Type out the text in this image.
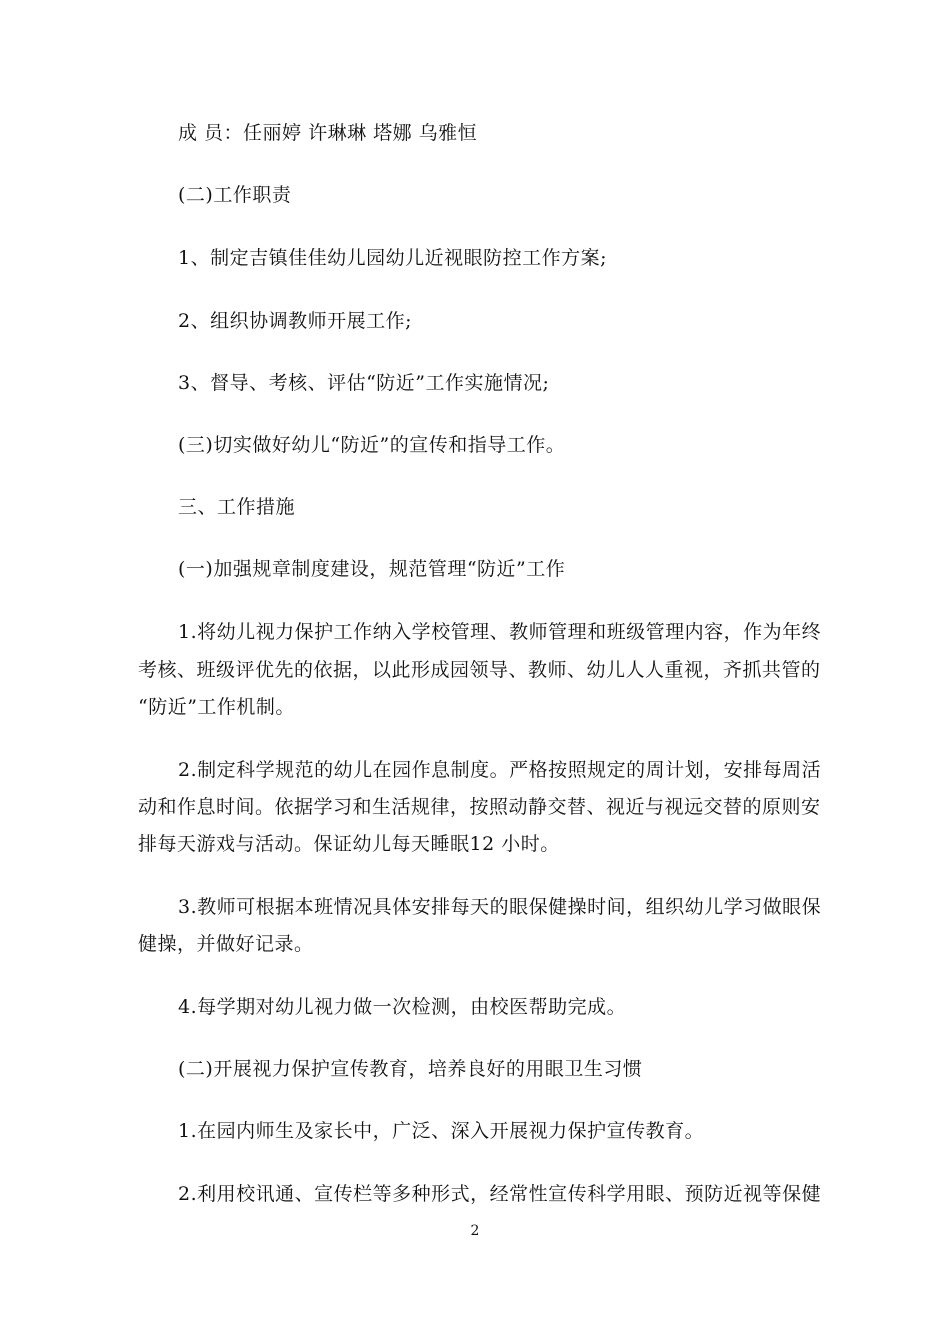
成 员：任丽婷 许琳琳 塔娜 乌雅恒
(二)工作职责
1、制定吉镇佳佳幼儿园幼儿近视眼防控工作方案;
2、组织协调教师开展工作;
3、督导、考核、评估“防近”工作实施情况;
(三)切实做好幼儿“防近”的宣传和指导工作。
三、工作措施
(一)加强规章制度建设，规范管理“防近”工作
1.将幼儿视力保护工作纳入学校管理、教师管理和班级管理内容，作为年终
考核、班级评优先的依据，以此形成园领导、教师、幼儿人人重视，齐抓共管的
“防近”工作机制。
2.制定科学规范的幼儿在园作息制度。严格按照规定的周计划，安排每周活
动和作息时间。依据学习和生活规律，按照动静交替、视近与视远交替的原则安
排每天游戏与活动。保证幼儿每天睡眠12 小时。
3.教师可根据本班情况具体安排每天的眼保健操时间，组织幼儿学习做眼保
健操，并做好记录。
4.每学期对幼儿视力做一次检测，由校医帮助完成。
(二)开展视力保护宣传教育，培养良好的用眼卫生习惯
1.在园内师生及家长中，广泛、深入开展视力保护宣传教育。
2.利用校讯通、宣传栏等多种形式，经常性宣传科学用眼、预防近视等保健
2
